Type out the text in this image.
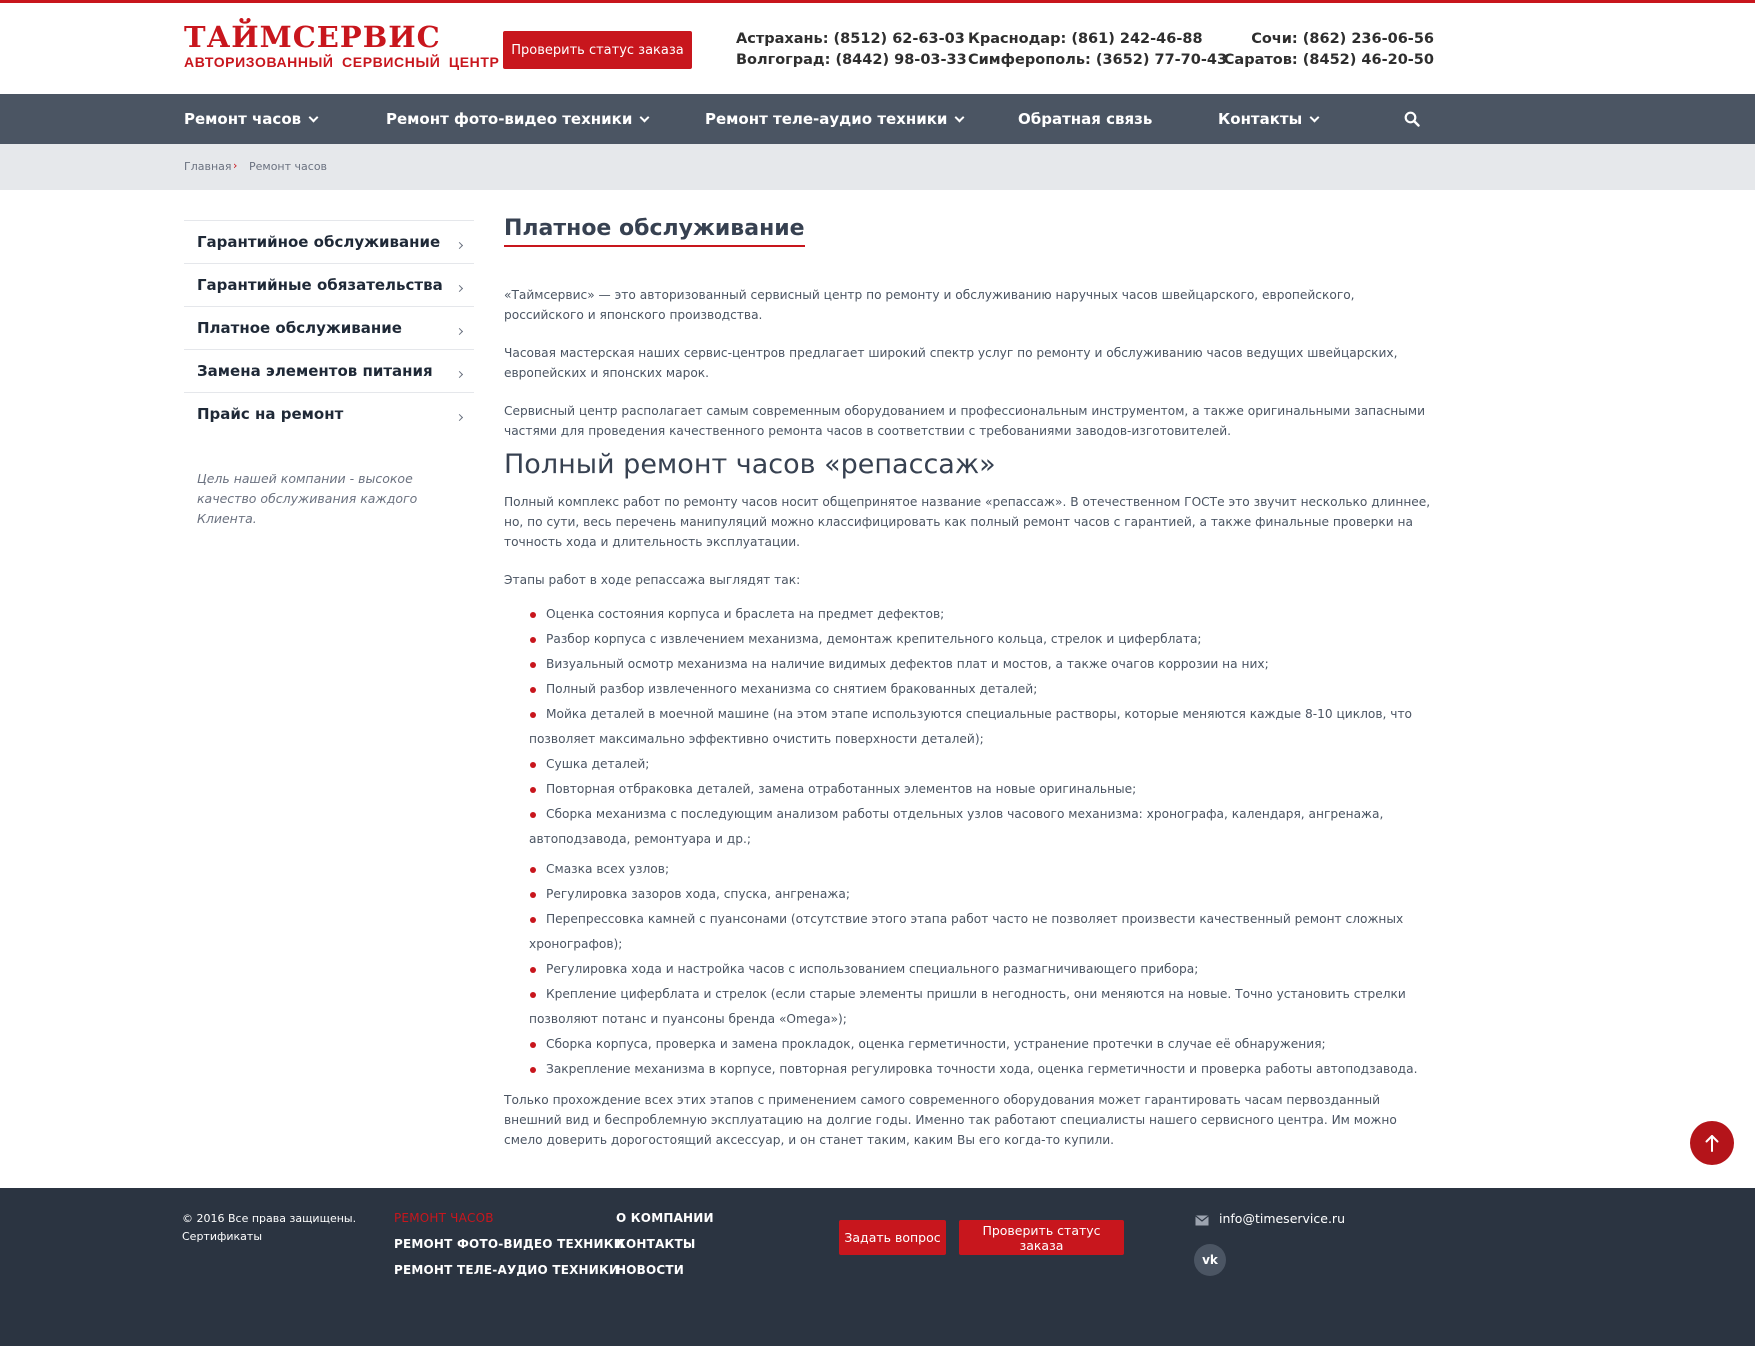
ТАЙМСЕРВИС
АВТОРИЗОВАННЫЙ СЕРВИСНЫЙ ЦЕНТР
Проверить статус заказа
Астрахань: (8512) 62-63-03
Волгоград: (8442) 98-03-33
Краснодар: (861) 242-46-88
Симферополь: (3652) 77-70-43
Сочи: (862) 236-06-56
Саратов: (8452) 46-20-50
Ремонт часов	Ремонт фото-видео техники	Ремонт теле-аудио техники	Обратная связь	Контакты
Главная › Ремонт часов
Гарантийное обслуживание
Гарантийные обязательства
Платное обслуживание
Замена элементов питания
Прайс на ремонт
Цель нашей компании - высокое качество обслуживания каждого Клиента.
Платное обслуживание

«Таймсервис» — это авторизованный сервисный центр по ремонту и обслуживанию наручных часов швейцарского, европейского, российского и японского производства.

Часовая мастерская наших сервис-центров предлагает широкий спектр услуг по ремонту и обслуживанию часов ведущих швейцарских, европейских и японских марок.

Сервисный центр располагает самым современным оборудованием и профессиональным инструментом, а также оригинальными запасными частями для проведения качественного ремонта часов в соответствии с требованиями заводов-изготовителей.

Полный ремонт часов «репассаж»

Полный комплекс работ по ремонту часов носит общепринятое название «репассаж». В отечественном ГОСТе это звучит несколько длиннее, но, по сути, весь перечень манипуляций можно классифицировать как полный ремонт часов с гарантией, а также финальные проверки на точность хода и длительность эксплуатации.

Этапы работ в ходе репассажа выглядят так:

Оценка состояния корпуса и браслета на предмет дефектов;
Разбор корпуса с извлечением механизма, демонтаж крепительного кольца, стрелок и циферблата;
Визуальный осмотр механизма на наличие видимых дефектов плат и мостов, а также очагов коррозии на них;
Полный разбор извлеченного механизма со снятием бракованных деталей;
Мойка деталей в моечной машине (на этом этапе используются специальные растворы, которые меняются каждые 8-10 циклов, что позволяет максимально эффективно очистить поверхности деталей);
Сушка деталей;
Повторная отбраковка деталей, замена отработанных элементов на новые оригинальные;
Сборка механизма с последующим анализом работы отдельных узлов часового механизма: хронографа, календаря, ангренажа, автоподзавода, ремонтуара и др.;
Смазка всех узлов;
Регулировка зазоров хода, спуска, ангренажа;
Перепрессовка камней с пуансонами (отсутствие этого этапа работ часто не позволяет произвести качественный ремонт сложных хронографов);
Регулировка хода и настройка часов с использованием специального размагничивающего прибора;
Крепление циферблата и стрелок (если старые элементы пришли в негодность, они меняются на новые. Точно установить стрелки позволяют потанс и пуансоны бренда «Omega»);
Сборка корпуса, проверка и замена прокладок, оценка герметичности, устранение протечки в случае её обнаружения;
Закрепление механизма в корпусе, повторная регулировка точности хода, оценка герметичности и проверка работы автоподзавода.

Только прохождение всех этих этапов с применением самого современного оборудования может гарантировать часам первозданный внешний вид и беспроблемную эксплуатацию на долгие годы. Именно так работают специалисты нашего сервисного центра. Им можно смело доверить дорогостоящий аксессуар, и он станет таким, каким Вы его когда-то купили.

© 2016 Все права защищены.
Сертификаты
РЕМОНТ ЧАСОВ
РЕМОНТ ФОТО-ВИДЕО ТЕХНИКИ
РЕМОНТ ТЕЛЕ-АУДИО ТЕХНИКИ
О КОМПАНИИ
КОНТАКТЫ
НОВОСТИ
Задать вопрос	Проверить статус заказа
info@timeservice.ru
vk
